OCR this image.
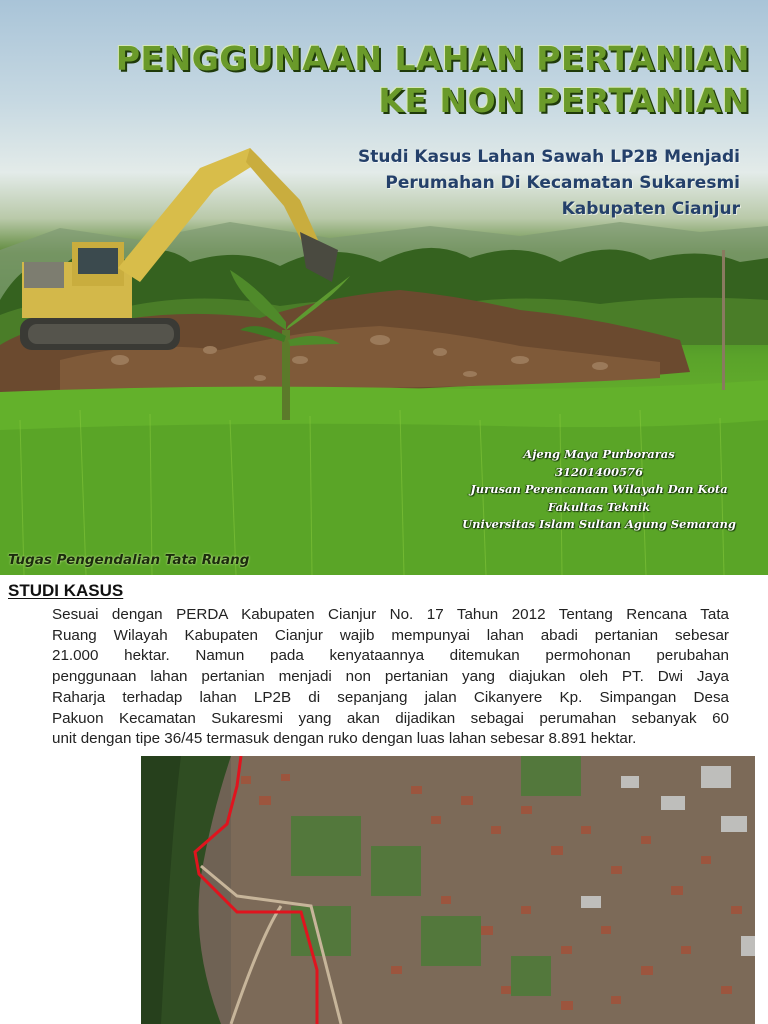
PENGGUNAAN LAHAN PERTANIAN
KE NON PERTANIAN

Studi Kasus Lahan Sawah LP2B Menjadi
Perumahan Di Kecamatan Sukaresmi
Kabupaten Cianjur

Ajeng Maya Purboraras
31201400576
Jurusan Perencanaan Wilayah Dan Kota
Fakultas Teknik
Universitas Islam Sultan Agung Semarang

Tugas Pengendalian Tata Ruang

STUDI KASUS
Sesuai dengan PERDA Kabupaten Cianjur No. 17 Tahun 2012 Tentang Rencana Tata
Ruang Wilayah Kabupaten Cianjur wajib mempunyai lahan abadi pertanian sebesar
21.000 hektar. Namun pada kenyataannya ditemukan permohonan perubahan
penggunaan lahan pertanian menjadi non pertanian yang diajukan oleh PT. Dwi Jaya
Raharja terhadap lahan LP2B di sepanjang jalan Cikanyere Kp. Simpangan Desa
Pakuon Kecamatan Sukaresmi yang akan dijadikan sebagai perumahan sebanyak 60
unit dengan tipe 36/45 termasuk dengan ruko dengan luas lahan sebesar 8.891 hektar.
